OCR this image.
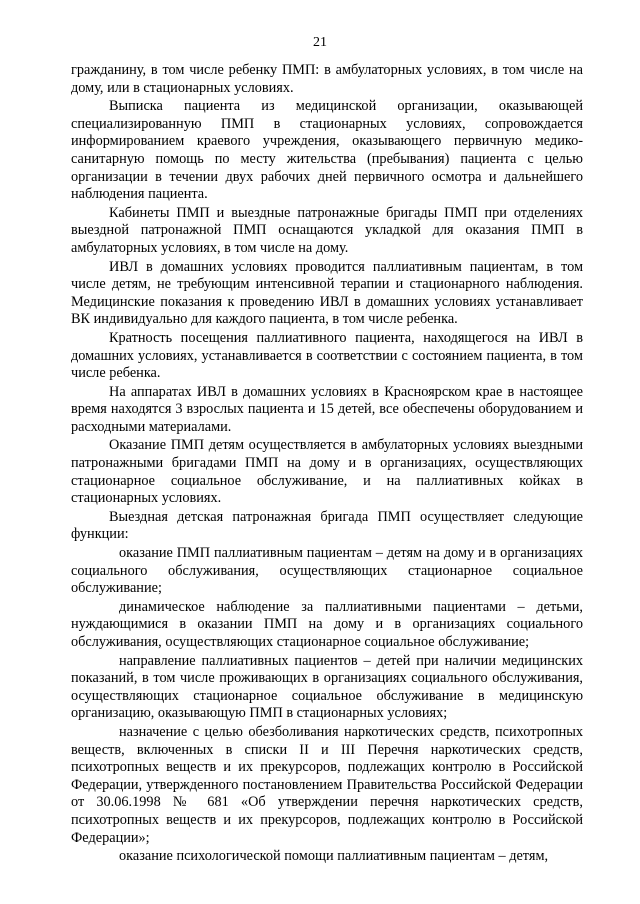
21

гражданину, в том числе ребенку ПМП: в амбулаторных условиях, в том числе на дому, или в стационарных условиях.

Выписка пациента из медицинской организации, оказывающей специализированную ПМП в стационарных условиях, сопровождается информированием краевого учреждения, оказывающего первичную медико-санитарную помощь по месту жительства (пребывания) пациента с целью организации в течении двух рабочих дней первичного осмотра и дальнейшего наблюдения пациента.

Кабинеты ПМП и выездные патронажные бригады ПМП при отделениях выездной патронажной ПМП оснащаются укладкой для оказания ПМП в амбулаторных условиях, в том числе на дому.

ИВЛ в домашних условиях проводится паллиативным пациентам, в том числе детям, не требующим интенсивной терапии и стационарного наблюдения. Медицинские показания к проведению ИВЛ в домашних условиях устанавливает ВК индивидуально для каждого пациента, в том числе ребенка.

Кратность посещения паллиативного пациента, находящегося на ИВЛ в домашних условиях, устанавливается в соответствии с состоянием пациента, в том числе ребенка.

На аппаратах ИВЛ в домашних условиях в Красноярском крае в настоящее время находятся 3 взрослых пациента и 15 детей, все обеспечены оборудованием и расходными материалами.

Оказание ПМП детям осуществляется в амбулаторных условиях выездными патронажными бригадами ПМП на дому и в организациях, осуществляющих стационарное социальное обслуживание, и на паллиативных койках в стационарных условиях.

Выездная детская патронажная бригада ПМП осуществляет следующие функции:

оказание ПМП паллиативным пациентам – детям на дому и в организациях социального обслуживания, осуществляющих стационарное социальное обслуживание;

динамическое наблюдение за паллиативными пациентами – детьми, нуждающимися в оказании ПМП на дому и в организациях социального обслуживания, осуществляющих стационарное социальное обслуживание;

направление паллиативных пациентов – детей при наличии медицинских показаний, в том числе проживающих в организациях социального обслуживания, осуществляющих стационарное социальное обслуживание в медицинскую организацию, оказывающую ПМП в стационарных условиях;

назначение с целью обезболивания наркотических средств, психотропных веществ, включенных в списки II и III Перечня наркотических средств, психотропных веществ и их прекурсоров, подлежащих контролю в Российской Федерации, утвержденного постановлением Правительства Российской Федерации от 30.06.1998 № 681 «Об утверждении перечня наркотических средств, психотропных веществ и их прекурсоров, подлежащих контролю в Российской Федерации»;

оказание психологической помощи паллиативным пациентам – детям,
